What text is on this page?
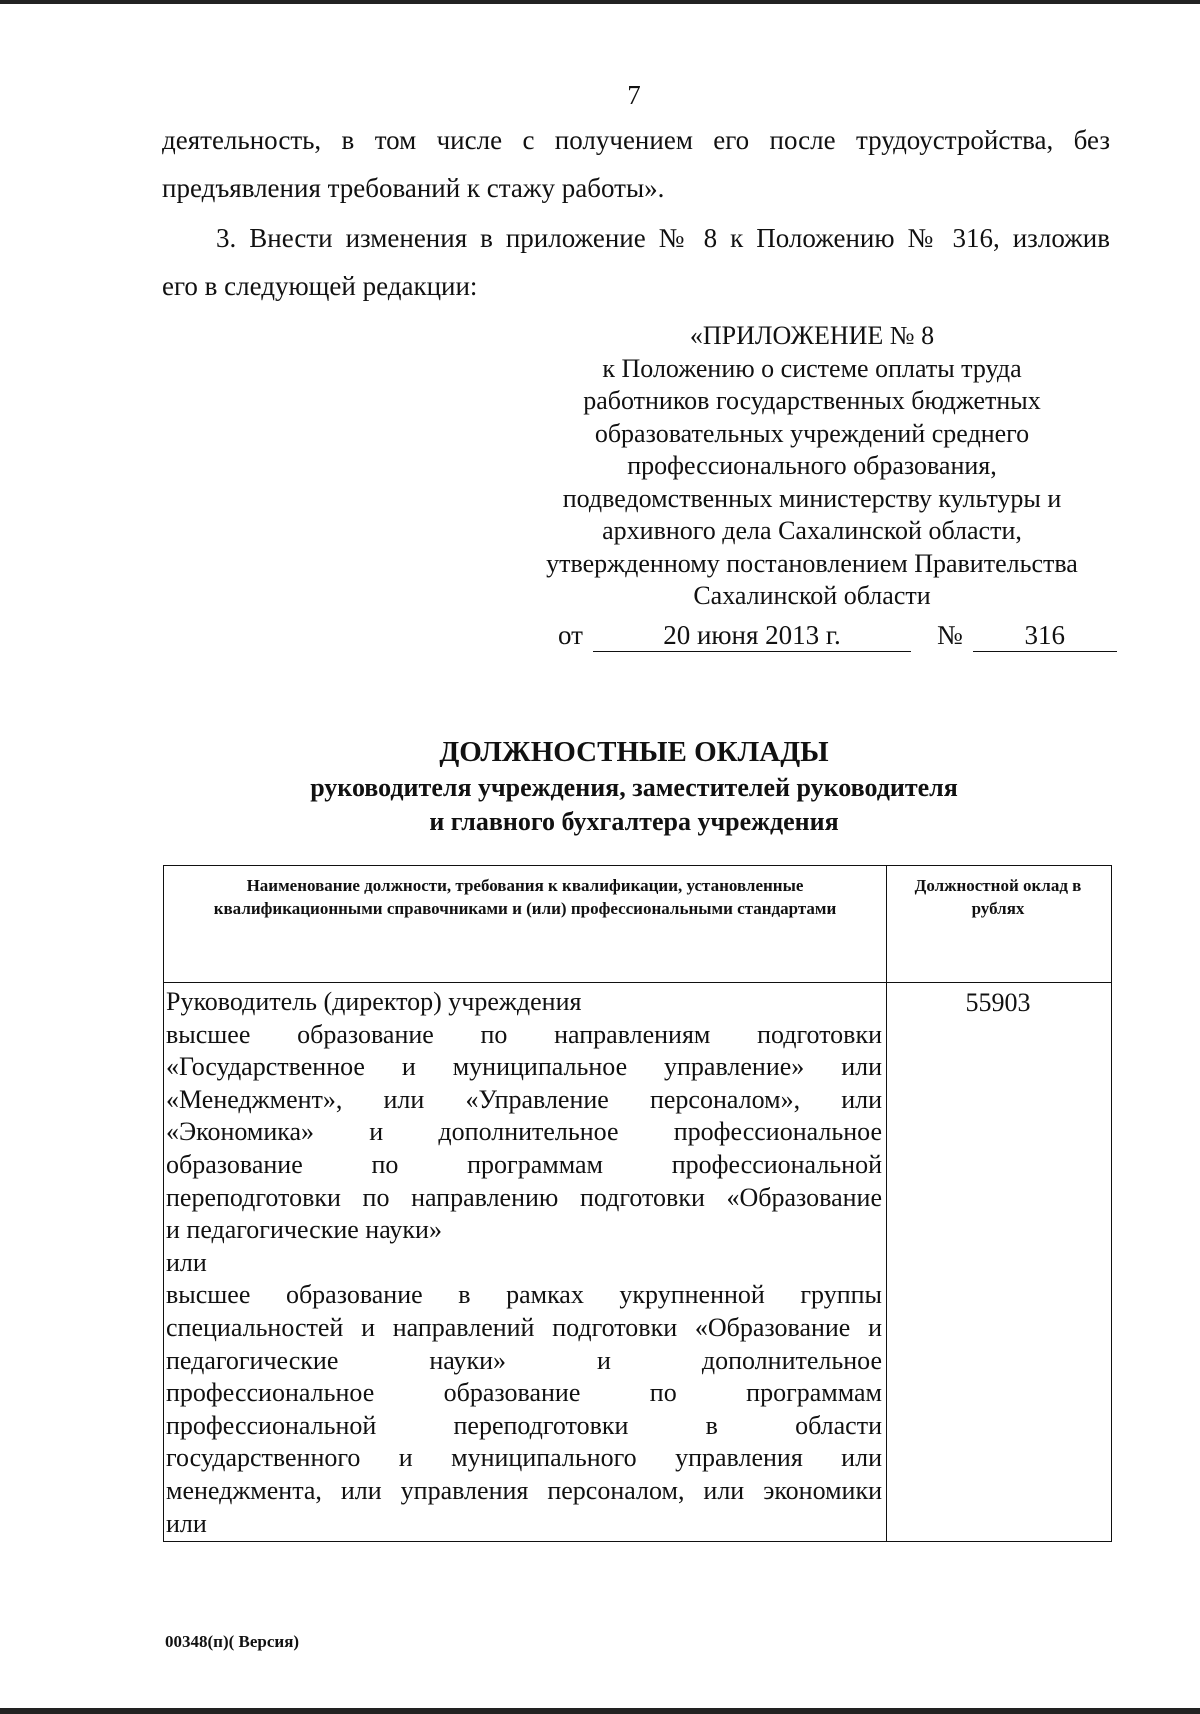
7
деятельность, в том числе с получением его после трудоустройства, без
предъявления требований к стажу работы».
3. Внести изменения в приложение № 8 к Положению № 316, изложив
его в следующей редакции:
«ПРИЛОЖЕНИЕ № 8
к Положению о системе оплаты труда
работников государственных бюджетных
образовательных учреждений среднего
профессионального образования,
подведомственных министерству культуры и
архивного дела Сахалинской области,
утвержденному постановлением Правительства
Сахалинской области
от	20 июня 2013 г.	№ 316
ДОЛЖНОСТНЫЕ ОКЛАДЫ
руководителя учреждения, заместителей руководителя
и главного бухгалтера учреждения
Наименование должности, требования к квалификации, установленные квалификационными справочниками и (или) профессиональными стандартами
Должностной оклад в рублях
Руководитель (директор) учреждения
высшее образование по направлениям подготовки
«Государственное и муниципальное управление» или
«Менеджмент», или «Управление персоналом», или
«Экономика» и дополнительное профессиональное
образование по программам профессиональной
переподготовки по направлению подготовки «Образование
и педагогические науки»
или
высшее образование в рамках укрупненной группы
специальностей и направлений подготовки «Образование и
педагогические науки» и дополнительное
профессиональное образование по программам
профессиональной переподготовки в области
государственного и муниципального управления или
менеджмента, или управления персоналом, или экономики
или
55903
00348(п)( Версия)
